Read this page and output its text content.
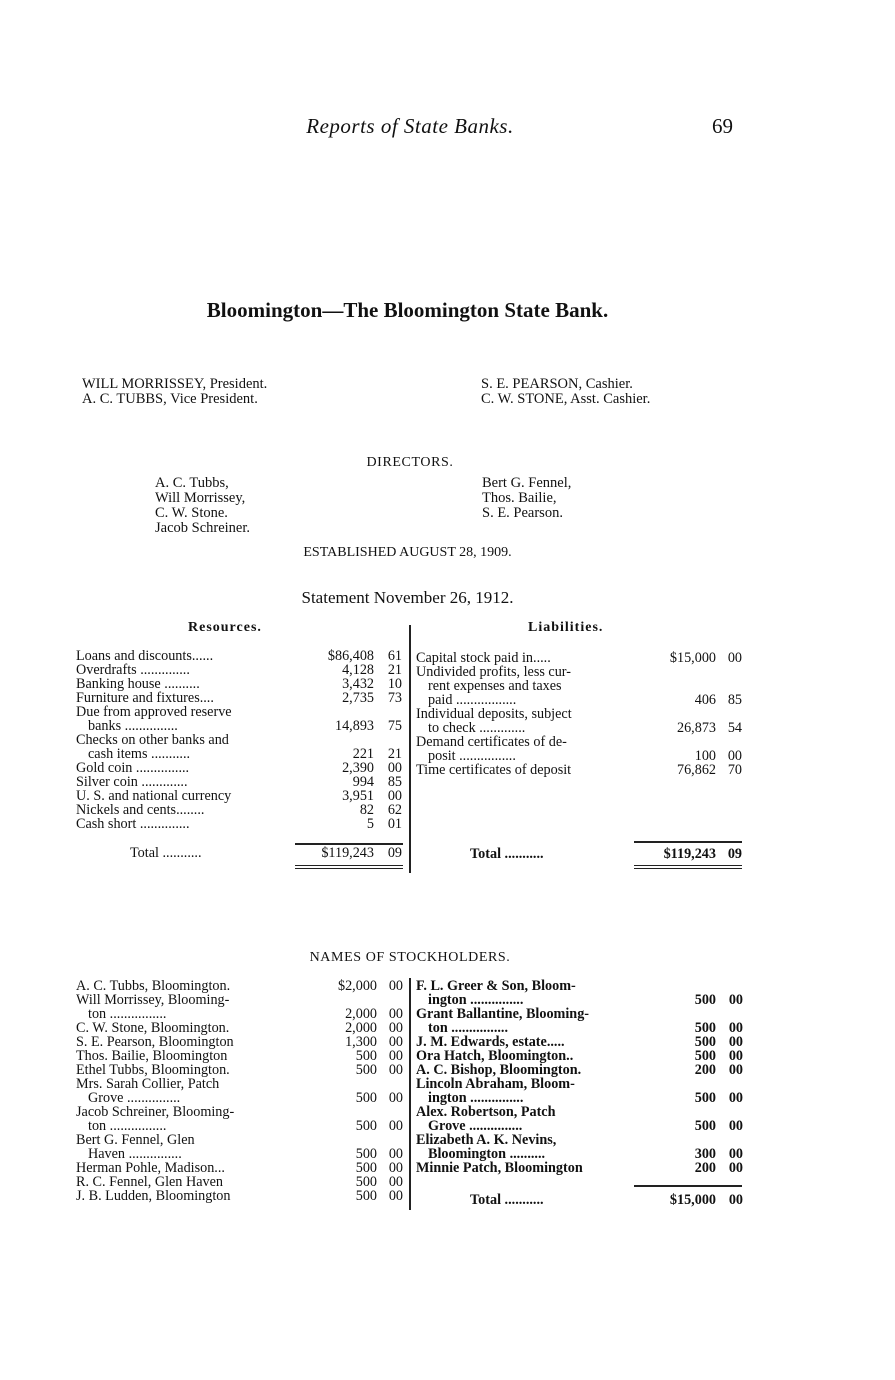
Reports of State Banks.	69
Bloomington—The Bloomington State Bank.
WILL MORRISSEY, President.
A. C. TUBBS, Vice President.
S. E. PEARSON, Cashier.
C. W. STONE, Asst. Cashier.
DIRECTORS.
A. C. Tubbs,
Will Morrissey,
C. W. Stone.
Jacob Schreiner.
Bert G. Fennel,
Thos. Bailie,
S. E. Pearson.
ESTABLISHED AUGUST 28, 1909.
Statement November 26, 1912.
Resources.	Liabilities.
Loans and discounts......	$86,408 61
Overdrafts ..............	4,128 21
Banking house ..........	3,432 10
Furniture and fixtures....	2,735 73
Due from approved reserve
banks ...............	14,893 75
Checks on other banks and
cash items ...........	221 21
Gold coin ...............	2,390 00
Silver coin .............	994 85
U. S. and national currency	3,951 00
Nickels and cents........	82 62
Cash short ..............	5 01
Total ...........	$119,243 09
Capital stock paid in.....	$15,000 00
Undivided profits, less cur-
rent expenses and taxes
paid .................	406 85
Individual deposits, subject
to check .............	26,873 54
Demand certificates of de-
posit ................	100 00
Time certificates of deposit	76,862 70
Total ...........	$119,243 09
NAMES OF STOCKHOLDERS.
A. C. Tubbs, Bloomington.	$2,000 00
Will Morrissey, Blooming-
ton ................	2,000 00
C. W. Stone, Bloomington.	2,000 00
S. E. Pearson, Bloomington	1,300 00
Thos. Bailie, Bloomington	500 00
Ethel Tubbs, Bloomington.	500 00
Mrs. Sarah Collier, Patch
Grove ...............	500 00
Jacob Schreiner, Blooming-
ton ................	500 00
Bert G. Fennel, Glen
Haven ...............	500 00
Herman Pohle, Madison...	500 00
R. C. Fennel, Glen Haven	500 00
J. B. Ludden, Bloomington	500 00
F. L. Greer & Son, Bloom-
ington ...............	500 00
Grant Ballantine, Blooming-
ton ................	500 00
J. M. Edwards, estate.....	500 00
Ora Hatch, Bloomington..	500 00
A. C. Bishop, Bloomington.	200 00
Lincoln Abraham, Bloom-
ington ...............	500 00
Alex. Robertson, Patch
Grove ...............	500 00
Elizabeth A. K. Nevins,
Bloomington ..........	300 00
Minnie Patch, Bloomington	200 00
Total ...........	$15,000 00
